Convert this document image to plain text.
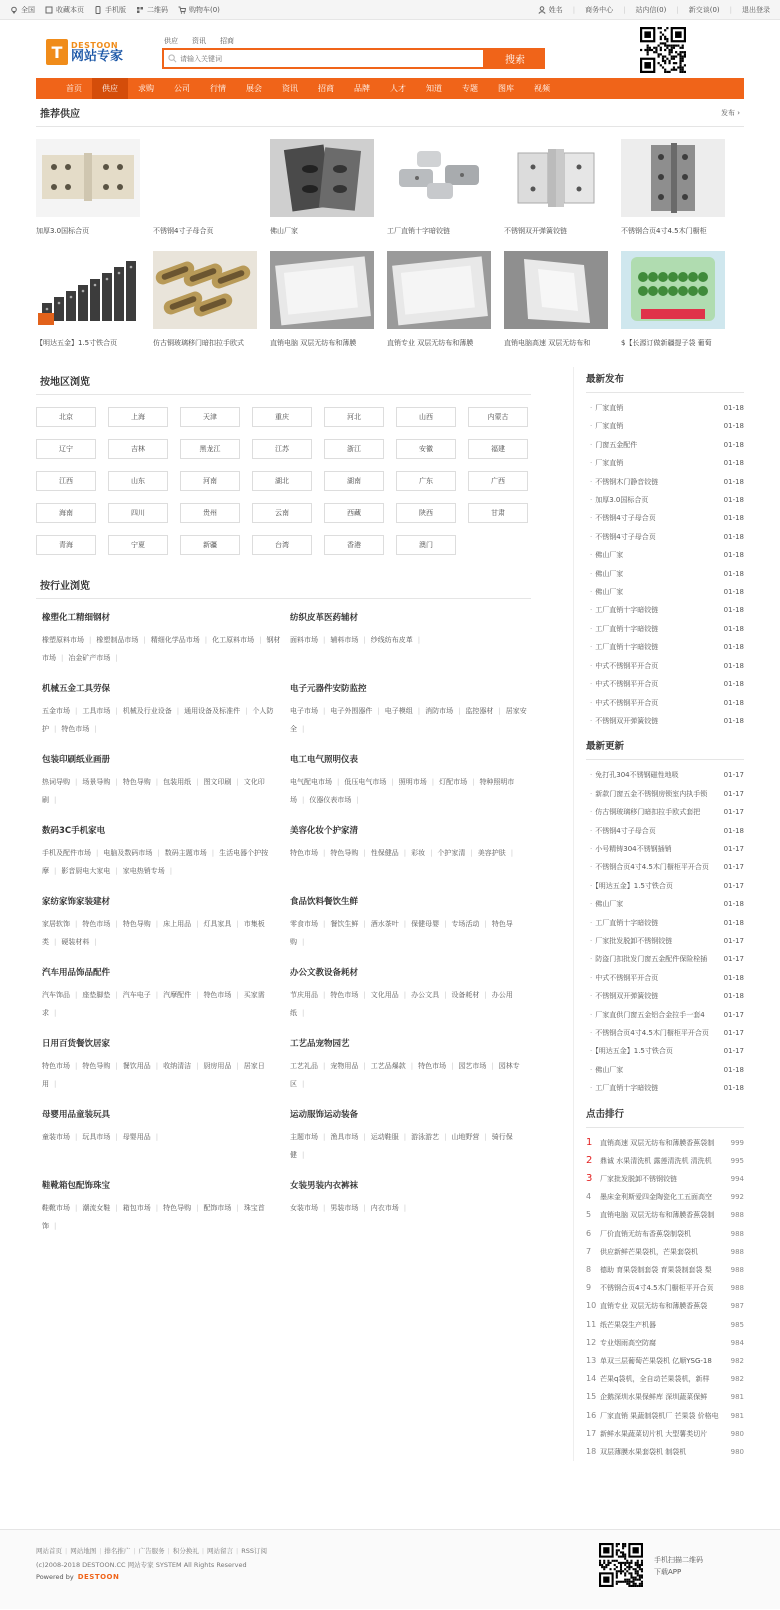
全国	收藏本页	手机版	二维码	购物车(0)	姓名 | 商务中心 | 站内信(0) | 新交谈(0) | 退出登录
T	DESTOON
网站专家
供应 资讯 招商
请输入关键词
搜索
首页	供应	求购	公司	行情	展会	资讯	招商	品牌	人才	知道	专题	图库	视频
推荐供应	发布 ›
加厚3.0国标合页	不锈钢4寸子母合页	佛山厂家	工厂直销十字暗铰链	不锈钢双开弹簧铰链	不锈钢合页4寸4.5木门橱柜
【明达五金】1.5寸铁合页	仿古铜玻璃移门暗扣拉手欧式	直销电脑 双层无纺布和薄膜	直销专业 双层无纺布和薄膜	直销电脑高速 双层无纺布和	$【长源订做新疆提子袋 葡萄
按地区浏览
北京	上海	天津	重庆	河北	山西	内蒙古
辽宁	吉林	黑龙江	江苏	浙江	安徽	福建
江西	山东	河南	湖北	湖南	广东	广西
海南	四川	贵州	云南	西藏	陕西	甘肃
青海	宁夏	新疆	台湾	香港	澳门
按行业浏览
橡塑化工精细钢材

橡塑原料市场 | 橡塑制品市场 | 精细化学品市场 | 化工原料市场 | 钢材市场 | 冶金矿产市场 |

纺织皮革医药辅材

面料市场 | 辅料市场 | 纱线纺布皮革 |

机械五金工具劳保

五金市场 | 工具市场 | 机械及行业设备 | 通用设备及标准件 | 个人防护 | 特色市场 |

电子元器件安防监控

电子市场 | 电子外围器件 | 电子模组 | 消防市场 | 监控器材 | 居家安全 |

包装印刷纸业画册

热词导购 | 场景导购 | 特色导购 | 包装用纸 | 图文印刷 | 文化印刷 |

电工电气照明仪表

电气配电市场 | 低压电气市场 | 照明市场 | 灯配市场 | 特种照明市场 | 仪器仪表市场 |

数码3C手机家电

手机及配件市场 | 电脑及数码市场 | 数码主题市场 | 生活电器个护按摩 | 影音厨电大家电 | 家电热销专场 |

美容化妆个护家清

特色市场 | 特色导购 | 性保健品 | 彩妆 | 个护家清 | 美容护肤 |

家纺家饰家装建材

家居软饰 | 特色市场 | 特色导购 | 床上用品 | 灯具家具 | 市集板类 | 硬装材料 |

食品饮料餐饮生鲜

零食市场 | 餐饮生鲜 | 酒水茶叶 | 保健母婴 | 专场活动 | 特色导购 |

汽车用品饰品配件

汽车饰品 | 座垫脚垫 | 汽车电子 | 汽摩配件 | 特色市场 | 买家需求 |

办公文教设备耗材

节庆用品 | 特色市场 | 文化用品 | 办公文具 | 设备耗材 | 办公用纸 |

日用百货餐饮居家

特色市场 | 特色导购 | 餐饮用品 | 收纳清洁 | 厨房用品 | 居家日用 |

工艺品宠物园艺

工艺礼品 | 宠物用品 | 工艺品爆款 | 特色市场 | 园艺市场 | 园林专区 |

母婴用品童装玩具

童装市场 | 玩具市场 | 母婴用品 |

运动服饰运动装备

主题市场 | 渔具市场 | 运动鞋服 | 游泳游艺 | 山地野营 | 骑行保健 |

鞋靴箱包配饰珠宝

鞋靴市场 | 潮流女鞋 | 箱包市场 | 特色导购 | 配饰市场 | 珠宝首饰 |

女装男装内衣裤袜

女装市场 | 男装市场 | 内衣市场 |

最新发布
· 厂家直销	01-18
· 厂家直销	01-18
· 门窗五金配件	01-18
· 厂家直销	01-18
· 不锈钢木门静音铰链	01-18
· 加厚3.0国标合页	01-18
· 不锈钢4寸子母合页	01-18
· 不锈钢4寸子母合页	01-18
· 佛山厂家	01-18
· 佛山厂家	01-18
· 佛山厂家	01-18
· 工厂直销十字暗铰链	01-18
· 工厂直销十字暗铰链	01-18
· 工厂直销十字暗铰链	01-18
· 中式不锈钢平开合页	01-18
· 中式不锈钢平开合页	01-18
· 中式不锈钢平开合页	01-18
· 不锈钢双开弹簧铰链	01-18
最新更新
· 免打孔304不锈钢磁性地吸	01-17
· 新款门窗五金不锈钢房锁室内执手锁 01-17
· 仿古铜玻璃移门暗扣拉手欧式套把	01-17
· 不锈钢4寸子母合页	01-18
· 小号精铸304不锈钢插销	01-17
· 不锈钢合页4寸4.5木门橱柜平开合页 01-17
· 【明达五金】1.5寸铁合页	01-17
· 佛山厂家	01-18
· 工厂直销十字暗铰链	01-18
· 厂家批发脱卸不锈钢铰链	01-17
· 防盗门扣批发门窗五金配件保险栓插 01-17
· 中式不锈钢平开合页	01-18
· 不锈钢双开弹簧铰链	01-18
· 厂家直供门窗五金铝合金拉手一套4	01-17
· 不锈钢合页4寸4.5木门橱柜平开合页 01-17
· 【明达五金】1.5寸铁合页	01-17
· 佛山厂家	01-18
· 工厂直销十字暗铰链	01-18
点击排行
1	直销高速 双层无纺布和薄膜香蕉袋制	999
2	鼎诚 水果清洗机 露莲清洗机 清洗机	995
3	厂家批发脱卸不锈钢铰链	994
4	墨床金利斯爱四金陶瓷化工五面高空	992
5	直销电脑 双层无纺布和薄膜香蕉袋制	988
6	厂价直销无纺布香蕉袋制袋机	988
7	供应新鲜芒果袋机，芒果套袋机	988
8	德助 育果袋制套袋 育果袋制套袋 梨	988
9	不锈钢合页4寸4.5木门橱柜平开合页	988
10 直销专业 双层无纺布和薄膜香蕉袋	987
11 纸芒果袋生产机器	985
12 专业烟雨高空防腐	984
13 单双三层葡萄芒果袋机 亿顺YSG-18	982
14 芒果q袋机，全自动芒果袋机，新样	982
15 企鹅深圳水果保鲜库 深圳蔬菜保鲜	981
16 厂家直销 果蔬制袋机厂 芒果袋 价格电	981
17 新鲜水果蔬菜切片机 大型薯类切片	980
18 双层薄膜水果套袋机 制袋机	980
网站首页 |	网站地图 |	排名推广 |	广告服务 |	积分换礼 |	网站留言 |	RSS订阅
(c)2008-2018 DESTOON.CC 网站专家 SYSTEM All Rights Reserved
Powered by DESTOON
手机扫描二维码
下载APP
